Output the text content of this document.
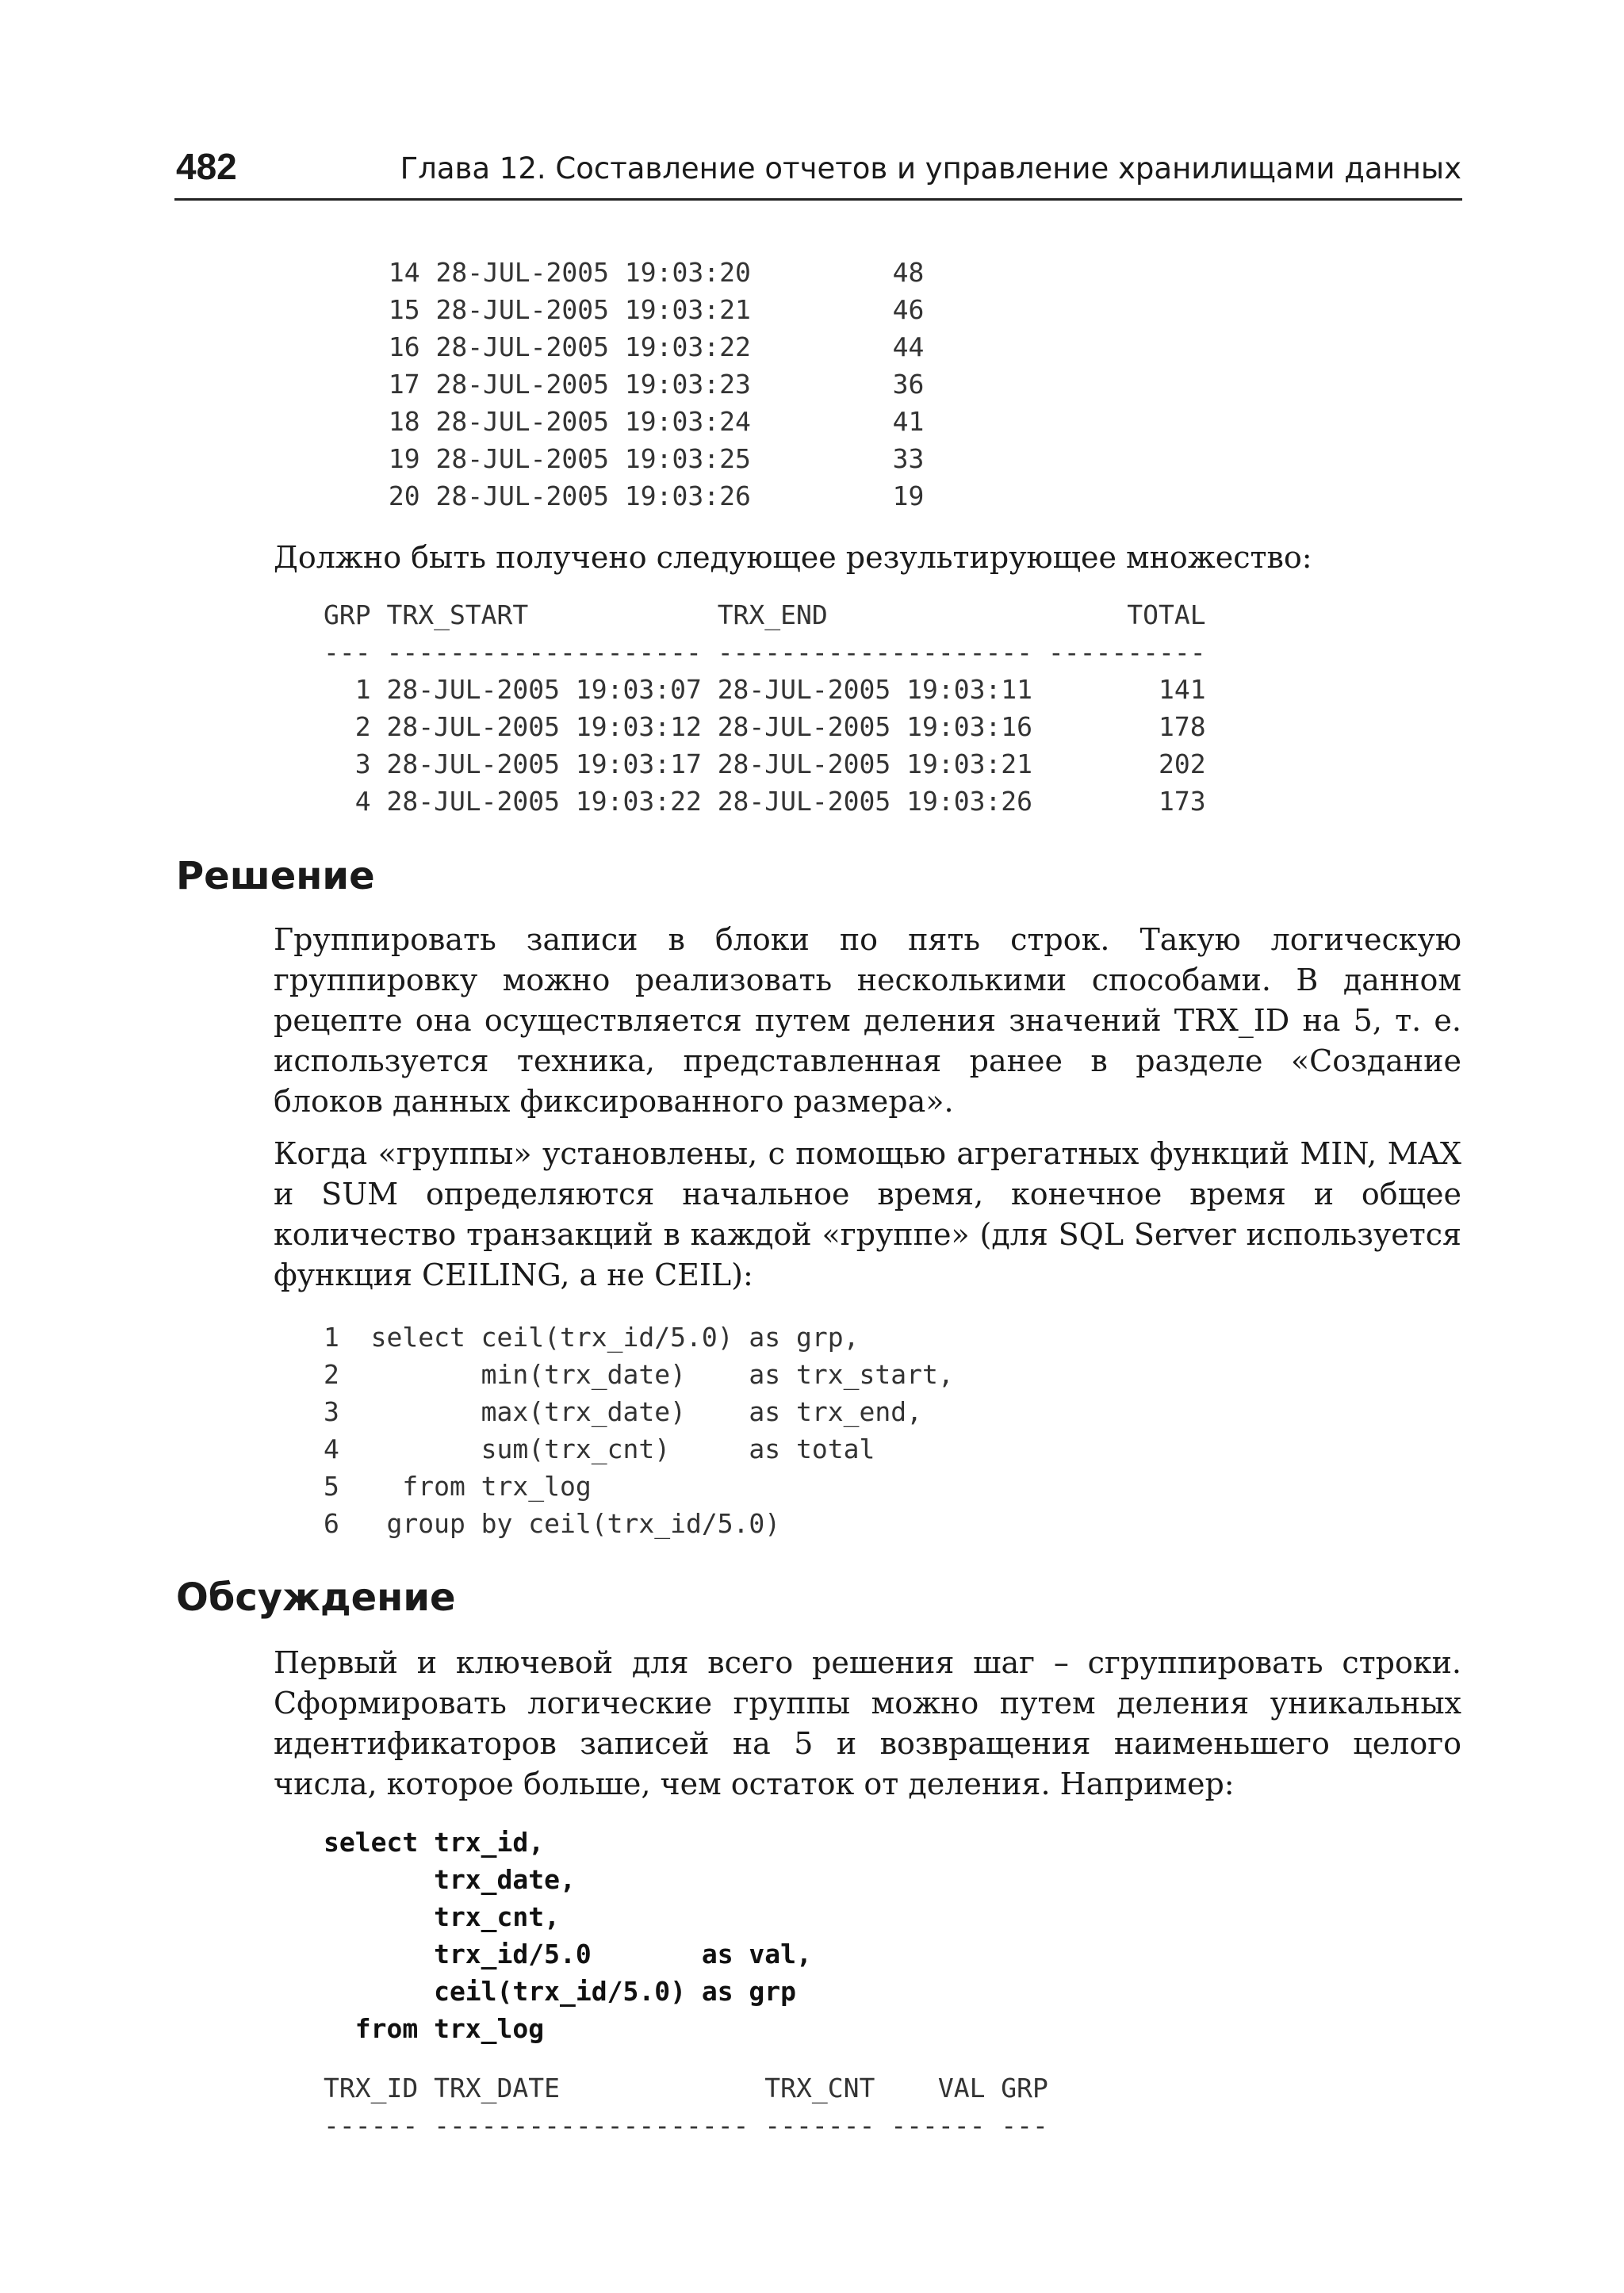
482	Глава 12. Составление отчетов и управление хранилищами данных
14 28-JUL-2005 19:03:20         48
15 28-JUL-2005 19:03:21         46
16 28-JUL-2005 19:03:22         44
17 28-JUL-2005 19:03:23         36
18 28-JUL-2005 19:03:24         41
19 28-JUL-2005 19:03:25         33
20 28-JUL-2005 19:03:26         19

Должно быть получено следующее результирующее множество:

GRP TRX_START            TRX_END                   TOTAL
--- -------------------- -------------------- ----------
1 28-JUL-2005 19:03:07 28-JUL-2005 19:03:11        141
2 28-JUL-2005 19:03:12 28-JUL-2005 19:03:16        178
3 28-JUL-2005 19:03:17 28-JUL-2005 19:03:21        202
4 28-JUL-2005 19:03:22 28-JUL-2005 19:03:26        173
Решение

Группировать записи в блоки по пять строк. Такую логическую группировку можно реализовать несколькими способами. В данном рецепте она осуществляется путем деления значений TRX_ID на 5, т. е. используется техника, представленная ранее в разделе «Создание блоков данных фиксированного размера».

Когда «группы» установлены, с помощью агрегатных функций MIN, MAX и SUM определяются начальное время, конечное время и общее количество транзакций в каждой «группе» (для SQL Server используется функция CEILING, а не CEIL):

1  select ceil(trx_id/5.0) as grp,
2         min(trx_date)    as trx_start,
3         max(trx_date)    as trx_end,
4         sum(trx_cnt)     as total
5    from trx_log
6   group by ceil(trx_id/5.0)
Обсуждение

Первый и ключевой для всего решения шаг – сгруппировать строки. Сформировать логические группы можно путем деления уникальных идентификаторов записей на 5 и возвращения наименьшего целого числа, которое больше, чем остаток от деления. Например:

select trx_id,
trx_date,
trx_cnt,
trx_id/5.0       as val,
ceil(trx_id/5.0) as grp
from trx_log
TRX_ID TRX_DATE             TRX_CNT    VAL GRP
------ -------------------- ------- ------ ---
